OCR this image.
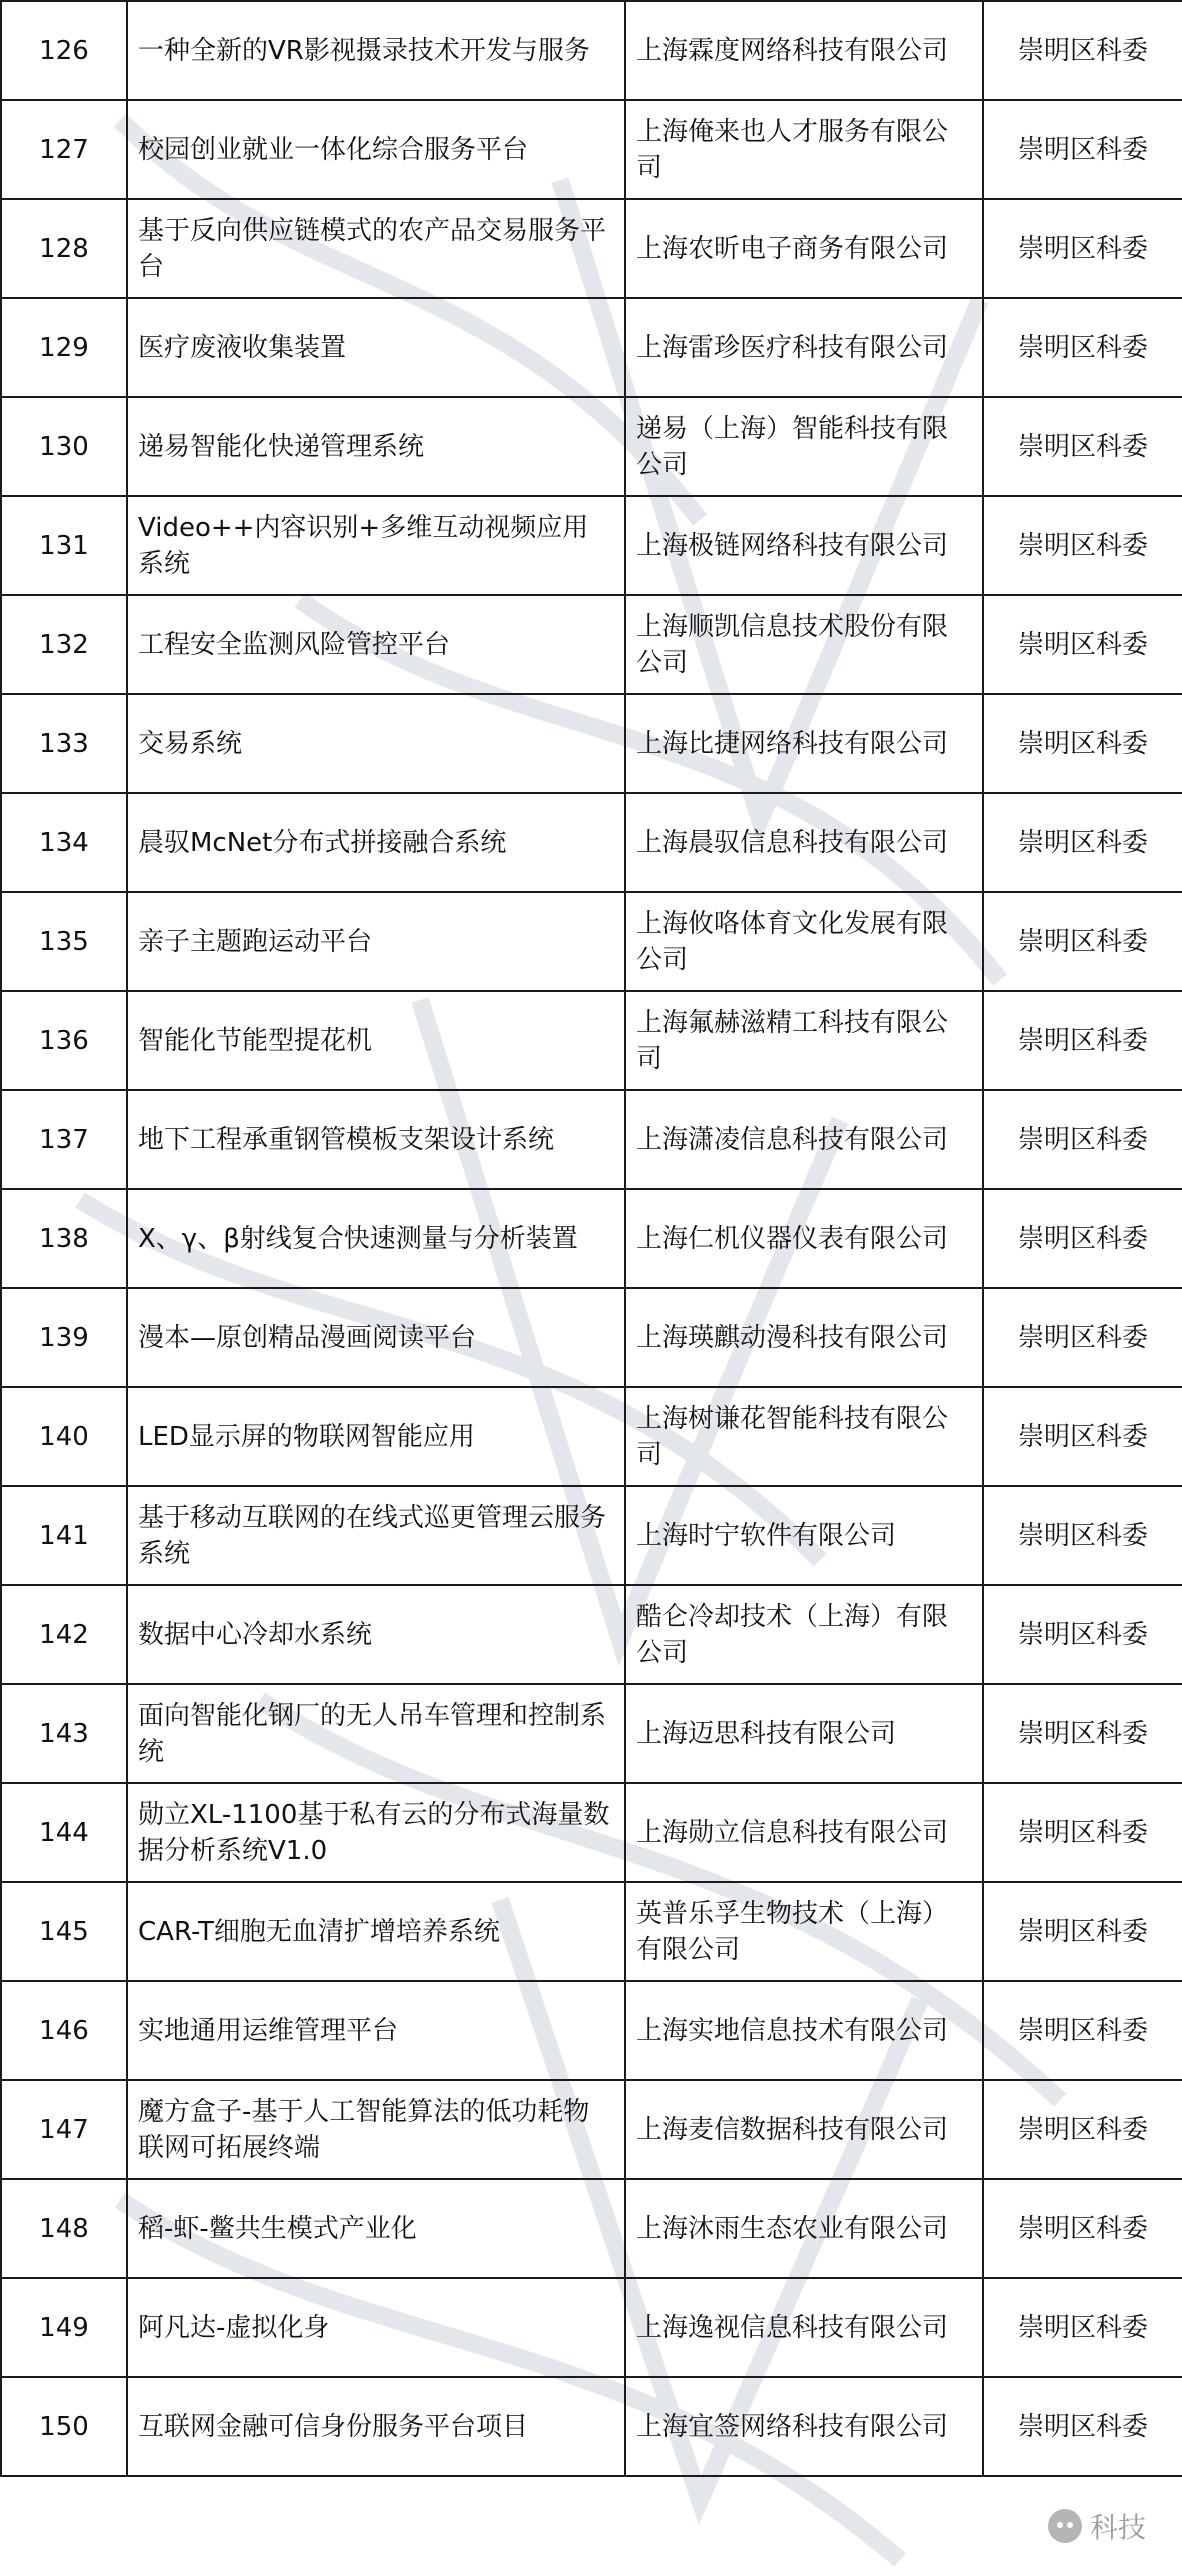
126	一种全新的VR影视摄录技术开发与服务	上海霖度网络科技有限公司	崇明区科委
127	校园创业就业一体化综合服务平台	上海俺来也人才服务有限公司	崇明区科委
128	基于反向供应链模式的农产品交易服务平台	上海农昕电子商务有限公司	崇明区科委
129	医疗废液收集装置	上海雷珍医疗科技有限公司	崇明区科委
130	递易智能化快递管理系统	递易（上海）智能科技有限公司	崇明区科委
131	Video++内容识别+多维互动视频应用系统	上海极链网络科技有限公司	崇明区科委
132	工程安全监测风险管控平台	上海顺凯信息技术股份有限公司	崇明区科委
133	交易系统	上海比捷网络科技有限公司	崇明区科委
134	晨驭McNet分布式拼接融合系统	上海晨驭信息科技有限公司	崇明区科委
135	亲子主题跑运动平台	上海攸咯体育文化发展有限公司	崇明区科委
136	智能化节能型提花机	上海氟赫滋精工科技有限公司	崇明区科委
137	地下工程承重钢管模板支架设计系统	上海潇凌信息科技有限公司	崇明区科委
138	X、γ、β射线复合快速测量与分析装置	上海仁机仪器仪表有限公司	崇明区科委
139	漫本—原创精品漫画阅读平台	上海瑛麒动漫科技有限公司	崇明区科委
140	LED显示屏的物联网智能应用	上海树谦花智能科技有限公司	崇明区科委
141	基于移动互联网的在线式巡更管理云服务系统	上海时宁软件有限公司	崇明区科委
142	数据中心冷却水系统	酷仑冷却技术（上海）有限公司	崇明区科委
143	面向智能化钢厂的无人吊车管理和控制系统	上海迈思科技有限公司	崇明区科委
144	勋立XL-1100基于私有云的分布式海量数据分析系统V1.0	上海勋立信息科技有限公司	崇明区科委
145	CAR-T细胞无血清扩增培养系统	英普乐孚生物技术（上海）有限公司	崇明区科委
146	实地通用运维管理平台	上海实地信息技术有限公司	崇明区科委
147	魔方盒子-基于人工智能算法的低功耗物联网可拓展终端	上海麦信数据科技有限公司	崇明区科委
148	稻-虾-鳖共生模式产业化	上海沐雨生态农业有限公司	崇明区科委
149	阿凡达-虚拟化身	上海逸视信息科技有限公司	崇明区科委
150	互联网金融可信身份服务平台项目	上海宜签网络科技有限公司	崇明区科委
科技
